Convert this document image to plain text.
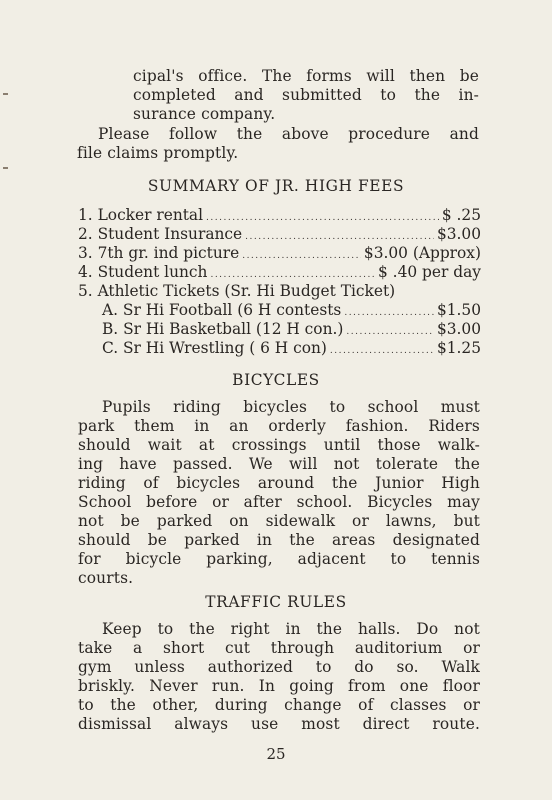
cipal's office. The forms will then be
completed and submitted to the in-
surance company.
Please follow the above procedure and
file claims promptly.
SUMMARY OF JR. HIGH FEES
1. Locker rental .....	$ .25
2. Student Insurance .....	$3.00
3. 7th gr. ind picture .....	$3.00 (Approx)
4. Student lunch .....	$ .40 per day
5. Athletic Tickets (Sr. Hi Budget Ticket)
A. Sr Hi Football (6 H contests .....	$1.50
B. Sr Hi Basketball (12 H con.) .....	$3.00
C. Sr Hi Wrestling ( 6 H con) .....	$1.25
BICYCLES
Pupils riding bicycles to school must
park them in an orderly fashion. Riders
should wait at crossings until those walk-
ing have passed. We will not tolerate the
riding of bicycles around the Junior High
School before or after school. Bicycles may
not be parked on sidewalk or lawns, but
should be parked in the areas designated
for bicycle parking, adjacent to tennis
courts.
TRAFFIC RULES
Keep to the right in the halls. Do not
take a short cut through auditorium or
gym unless authorized to do so. Walk
briskly. Never run. In going from one floor
to the other, during change of classes or
dismissal always use most direct route.
25
